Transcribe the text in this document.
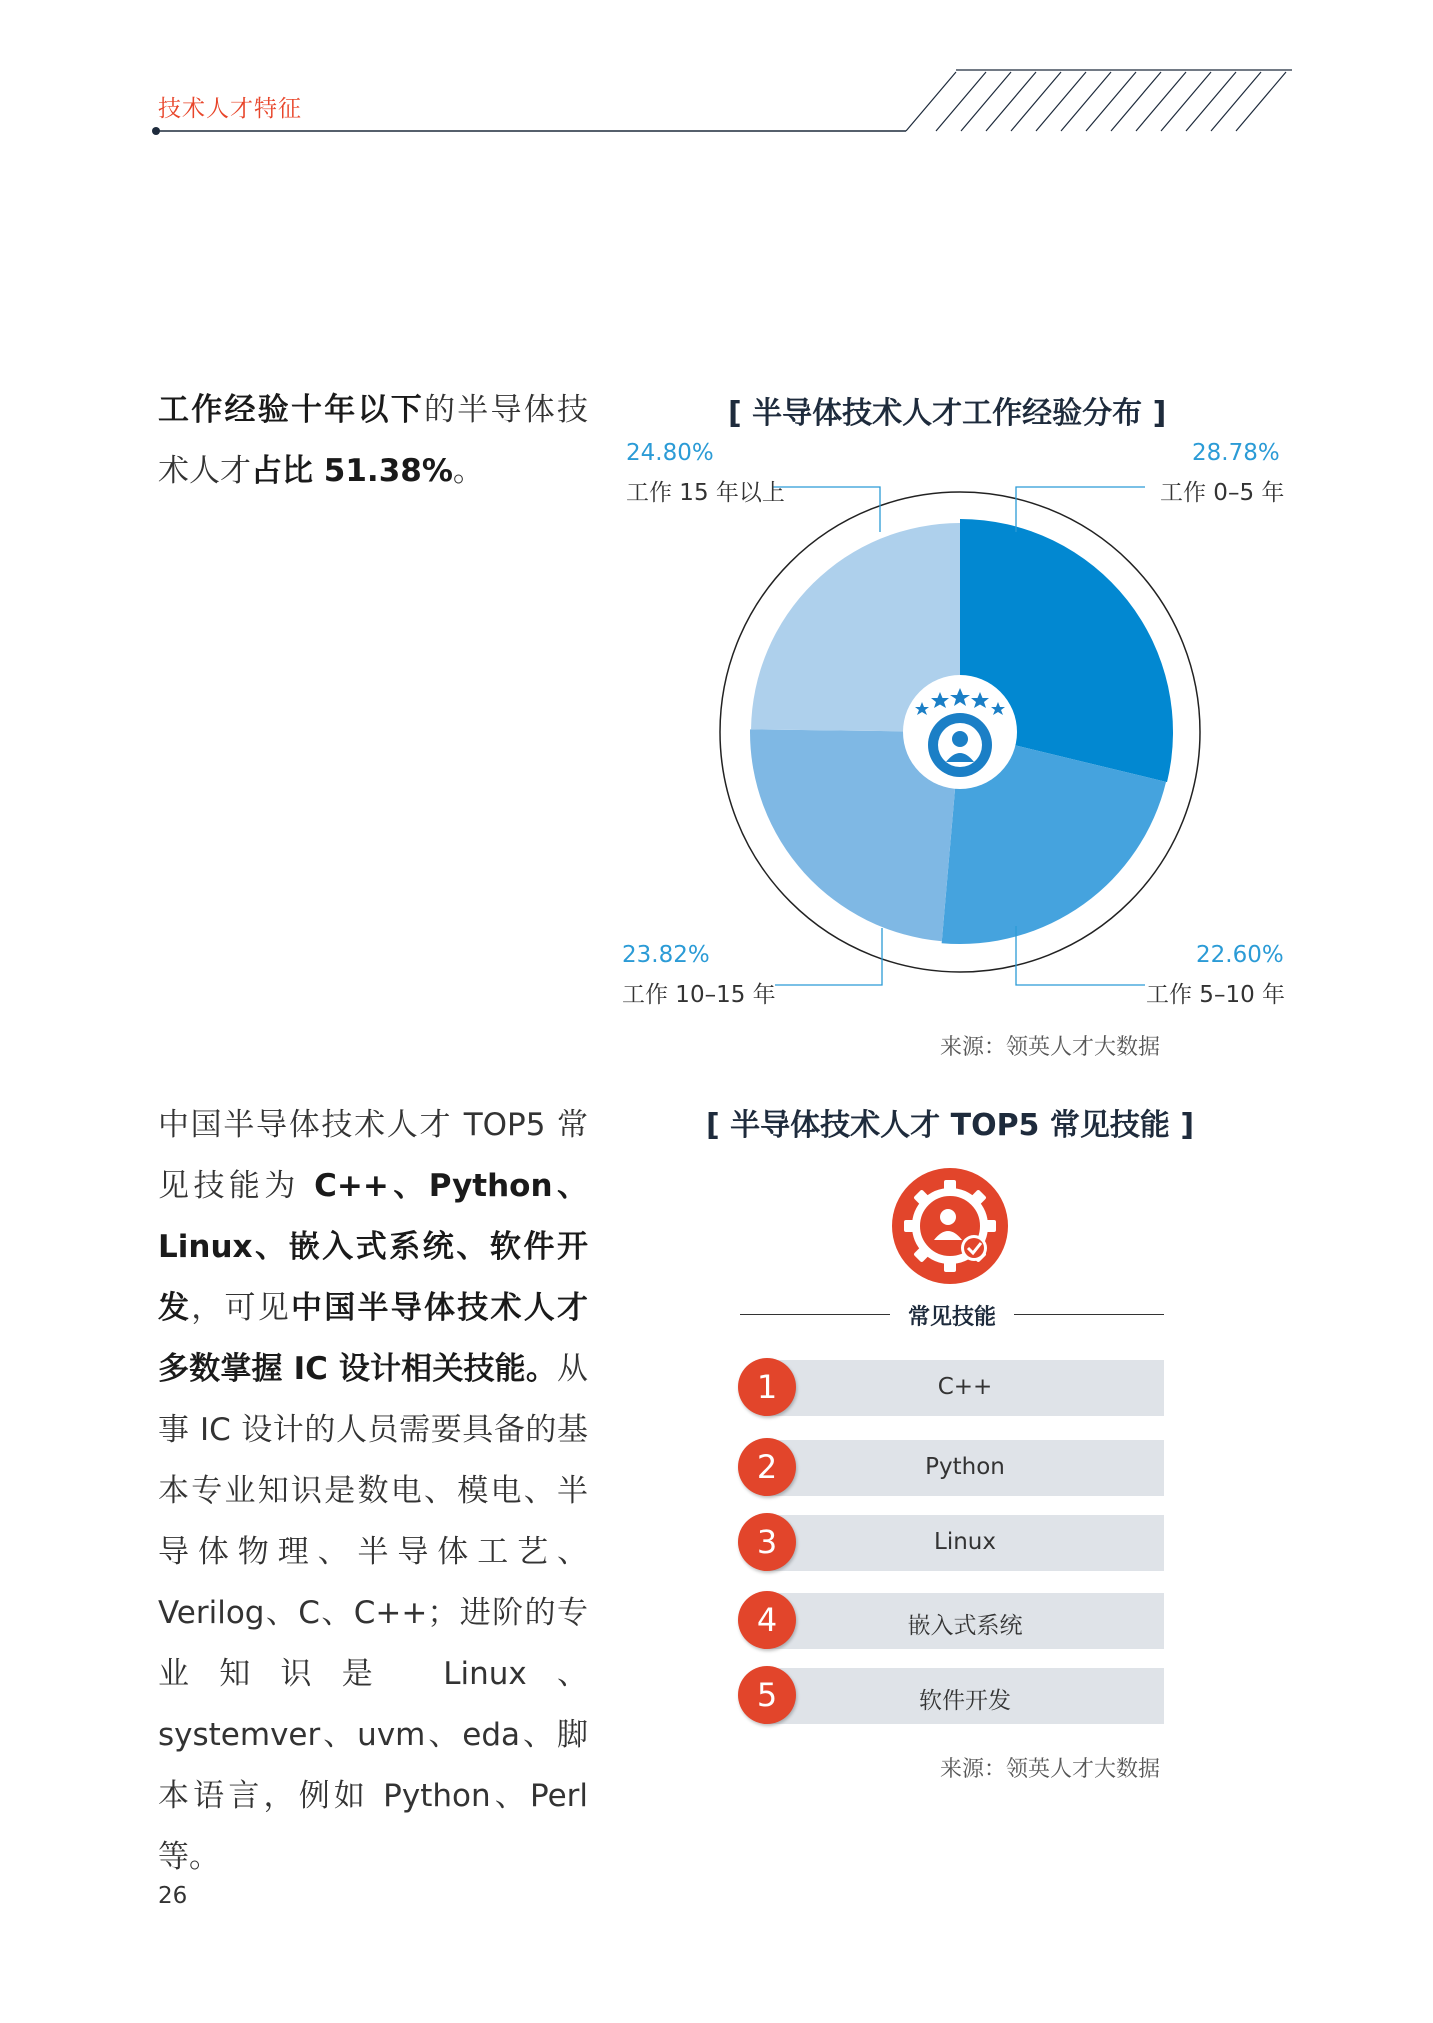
技术人才特征
工作经验十年以下的半导体技术人才占比 51.38%。
[ 半导体技术人才工作经验分布 ]
24.80%
工作 15 年以上
28.78%
工作 0–5 年
23.82%
工作 10–15 年
22.60%
工作 5–10 年
来源：领英人才大数据
中国半导体技术人才 TOP5 常见技能为 C++、Python、Linux、嵌入式系统、软件开发，可见中国半导体技术人才多数掌握 IC 设计相关技能。从事 IC 设计的人员需要具备的基本专业知识是数电、模电、半导体物理、半导体工艺、Verilog、C、C++；进阶的专业知识是 Linux、systemver、uvm、eda、脚本语言，例如 Python、Perl 等。
[ 半导体技术人才 TOP5 常见技能 ]
常见技能
C++
1
Python
2
Linux
3
嵌入式系统
4
软件开发
5
来源：领英人才大数据
26
